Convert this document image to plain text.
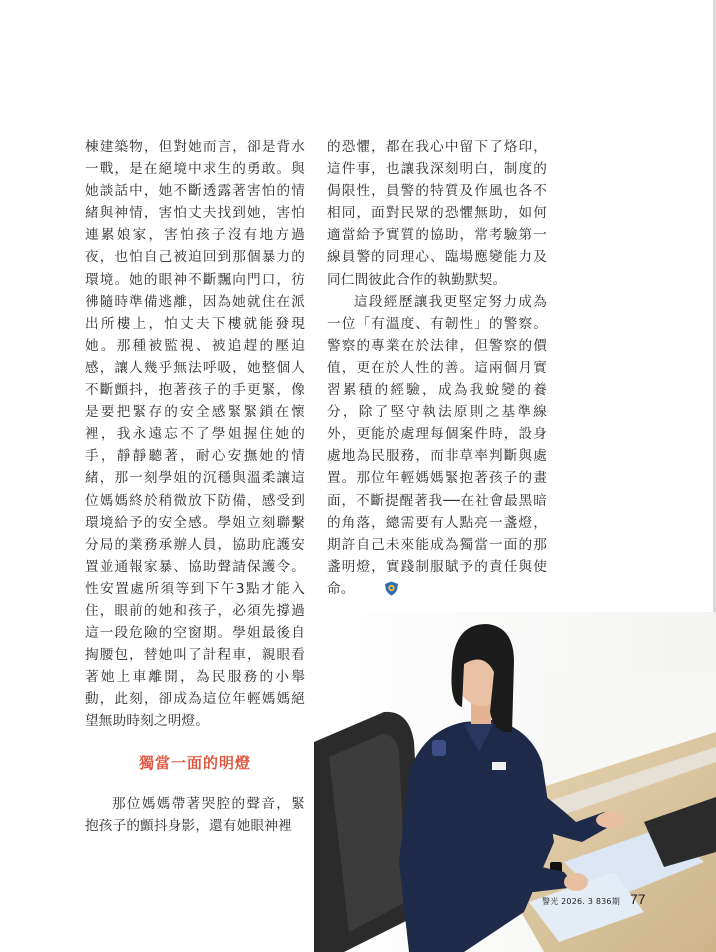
棟建築物，但對她而言，卻是背水一戰，是在絕境中求生的勇敢。與她談話中，她不斷透露著害怕的情緒與神情，害怕丈夫找到她，害怕連累娘家，害怕孩子沒有地方過夜，也怕自己被迫回到那個暴力的環境。她的眼神不斷飄向門口，彷彿隨時準備逃離，因為她就住在派出所樓上，怕丈夫下樓就能發現她。那種被監視、被追趕的壓迫感，讓人幾乎無法呼吸，她整個人不斷顫抖，抱著孩子的手更緊，像是要把緊存的安全感緊緊鎖在懷裡，我永遠忘不了學姐握住她的手，靜靜聽著，耐心安撫她的情緒，那一刻學姐的沉穩與溫柔讓這位媽媽終於稍微放下防備，感受到環境給予的安全感。學姐立刻聯繫分局的業務承辦人員，協助庇護安置並通報家暴、協助聲請保護令。性安置處所須等到下午3點才能入住，眼前的她和孩子，必須先撐過這一段危險的空窗期。學姐最後自掏腰包，替她叫了計程車，親眼看著她上車離開，為民服務的小舉動，此刻，卻成為這位年輕媽媽絕望無助時刻之明燈。

獨當一面的明燈

那位媽媽帶著哭腔的聲音，緊抱孩子的顫抖身影，還有她眼神裡

的恐懼，都在我心中留下了烙印，這件事，也讓我深刻明白，制度的侷限性，員警的特質及作風也各不相同，面對民眾的恐懼無助，如何適當給予實質的協助，常考驗第一線員警的同理心、臨場應變能力及同仁間彼此合作的執勤默契。

這段經歷讓我更堅定努力成為一位「有溫度、有韌性」的警察。警察的專業在於法律，但警察的價值，更在於人性的善。這兩個月實習累積的經驗，成為我蛻變的養分，除了堅守執法原則之基準線外，更能於處理每個案件時，設身處地為民服務，而非草率判斷與處置。那位年輕媽媽緊抱著孩子的畫面，不斷提醒著我──在社會最黑暗的角落，總需要有人點亮一盞燈，期許自己未來能成為獨當一面的那盞明燈，實踐制服賦予的責任與使命。

警光 2026. 3 836期 77
